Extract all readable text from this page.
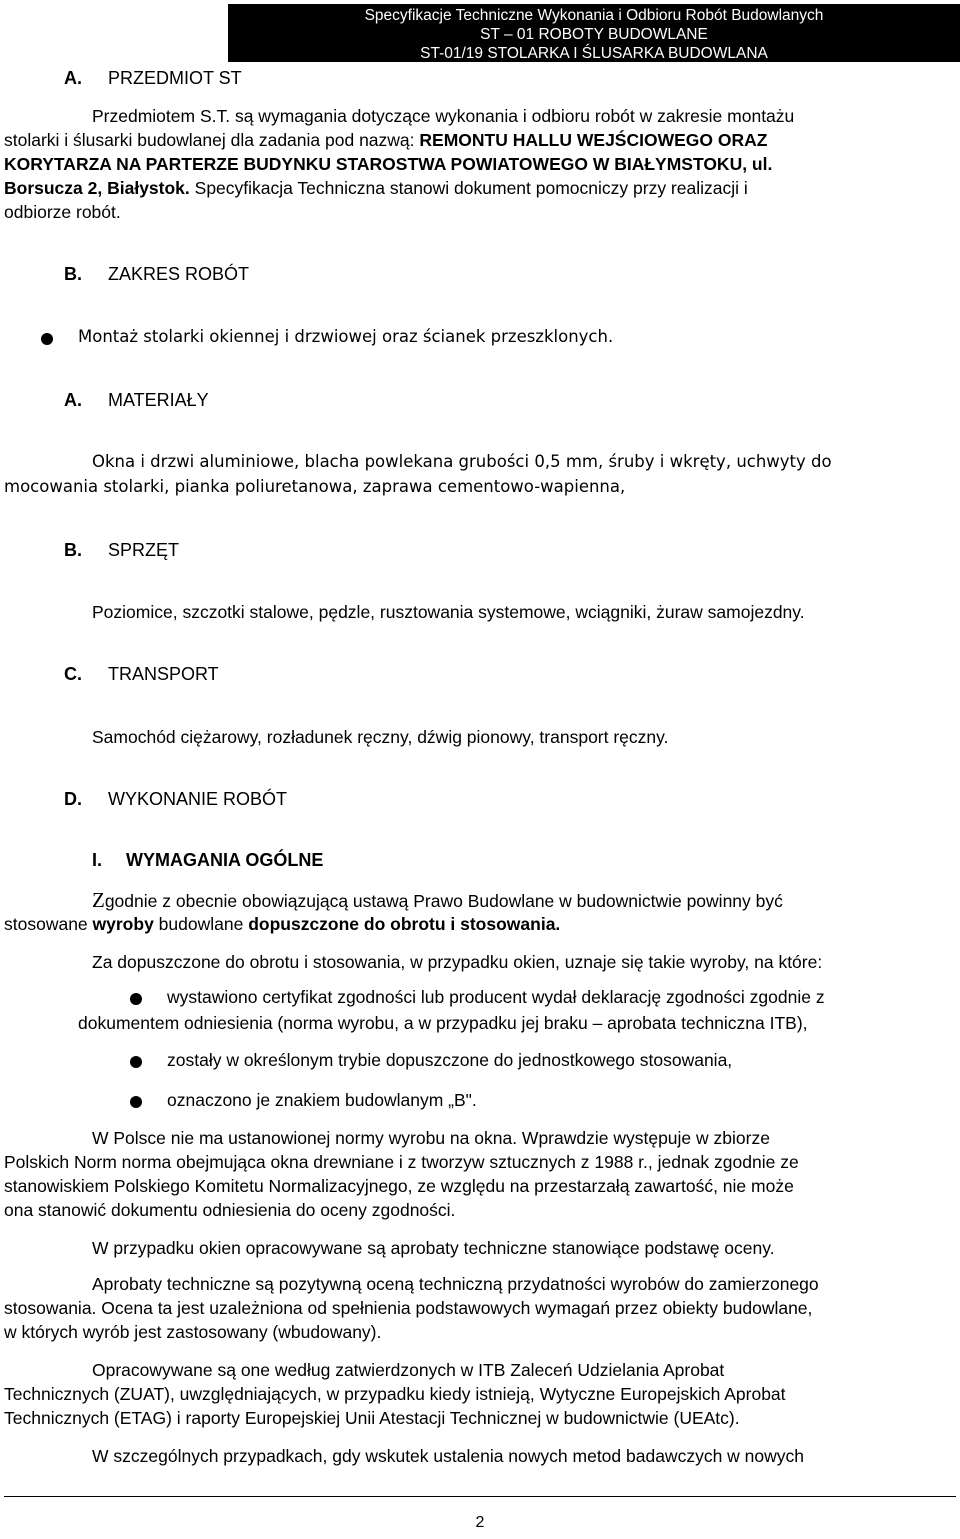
Specyfikacje Techniczne Wykonania i Odbioru Robót Budowlanych
ST – 01 ROBOTY BUDOWLANE
ST-01/19 STOLARKA I ŚLUSARKA BUDOWLANA
A. PRZEDMIOT ST
Przedmiotem S.T. są wymagania dotyczące wykonania i odbioru robót w zakresie montażu
stolarki i ślusarki budowlanej dla zadania pod nazwą: REMONTU HALLU WEJŚCIOWEGO ORAZ
KORYTARZA NA PARTERZE BUDYNKU STAROSTWA POWIATOWEGO W BIAŁYMSTOKU, ul.
Borsucza 2, Białystok. Specyfikacja Techniczna stanowi dokument pomocniczy przy realizacji i
odbiorze robót.
B. ZAKRES ROBÓT
Montaż stolarki okiennej i drzwiowej oraz ścianek przeszklonych.
A. MATERIAŁY
Okna i drzwi aluminiowe, blacha powlekana grubości 0,5 mm, śruby i wkręty, uchwyty do
mocowania stolarki, pianka poliuretanowa, zaprawa cementowo-wapienna,
B. SPRZĘT
Poziomice, szczotki stalowe, pędzle, rusztowania systemowe, wciągniki, żuraw samojezdny.
C. TRANSPORT
Samochód ciężarowy, rozładunek ręczny, dźwig pionowy, transport ręczny.
D. WYKONANIE ROBÓT
I. WYMAGANIA OGÓLNE
Zgodnie z obecnie obowiązującą ustawą Prawo Budowlane w budownictwie powinny być
stosowane wyroby budowlane dopuszczone do obrotu i stosowania.
Za dopuszczone do obrotu i stosowania, w przypadku okien, uznaje się takie wyroby, na które:
wystawiono certyfikat zgodności lub producent wydał deklarację zgodności zgodnie z
dokumentem odniesienia (norma wyrobu, a w przypadku jej braku – aprobata techniczna ITB),
zostały w określonym trybie dopuszczone do jednostkowego stosowania,
oznaczono je znakiem budowlanym „B".
W Polsce nie ma ustanowionej normy wyrobu na okna. Wprawdzie występuje w zbiorze
Polskich Norm norma obejmująca okna drewniane i z tworzyw sztucznych z 1988 r., jednak zgodnie ze
stanowiskiem Polskiego Komitetu Normalizacyjnego, ze względu na przestarzałą zawartość, nie może
ona stanowić dokumentu odniesienia do oceny zgodności.
W przypadku okien opracowywane są aprobaty techniczne stanowiące podstawę oceny.
Aprobaty techniczne są pozytywną oceną techniczną przydatności wyrobów do zamierzonego
stosowania. Ocena ta jest uzależniona od spełnienia podstawowych wymagań przez obiekty budowlane,
w których wyrób jest zastosowany (wbudowany).
Opracowywane są one według zatwierdzonych w ITB Zaleceń Udzielania Aprobat
Technicznych (ZUAT), uwzględniających, w przypadku kiedy istnieją, Wytyczne Europejskich Aprobat
Technicznych (ETAG) i raporty Europejskiej Unii Atestacji Technicznej w budownictwie (UEAtc).
W szczególnych przypadkach, gdy wskutek ustalenia nowych metod badawczych w nowych
2
